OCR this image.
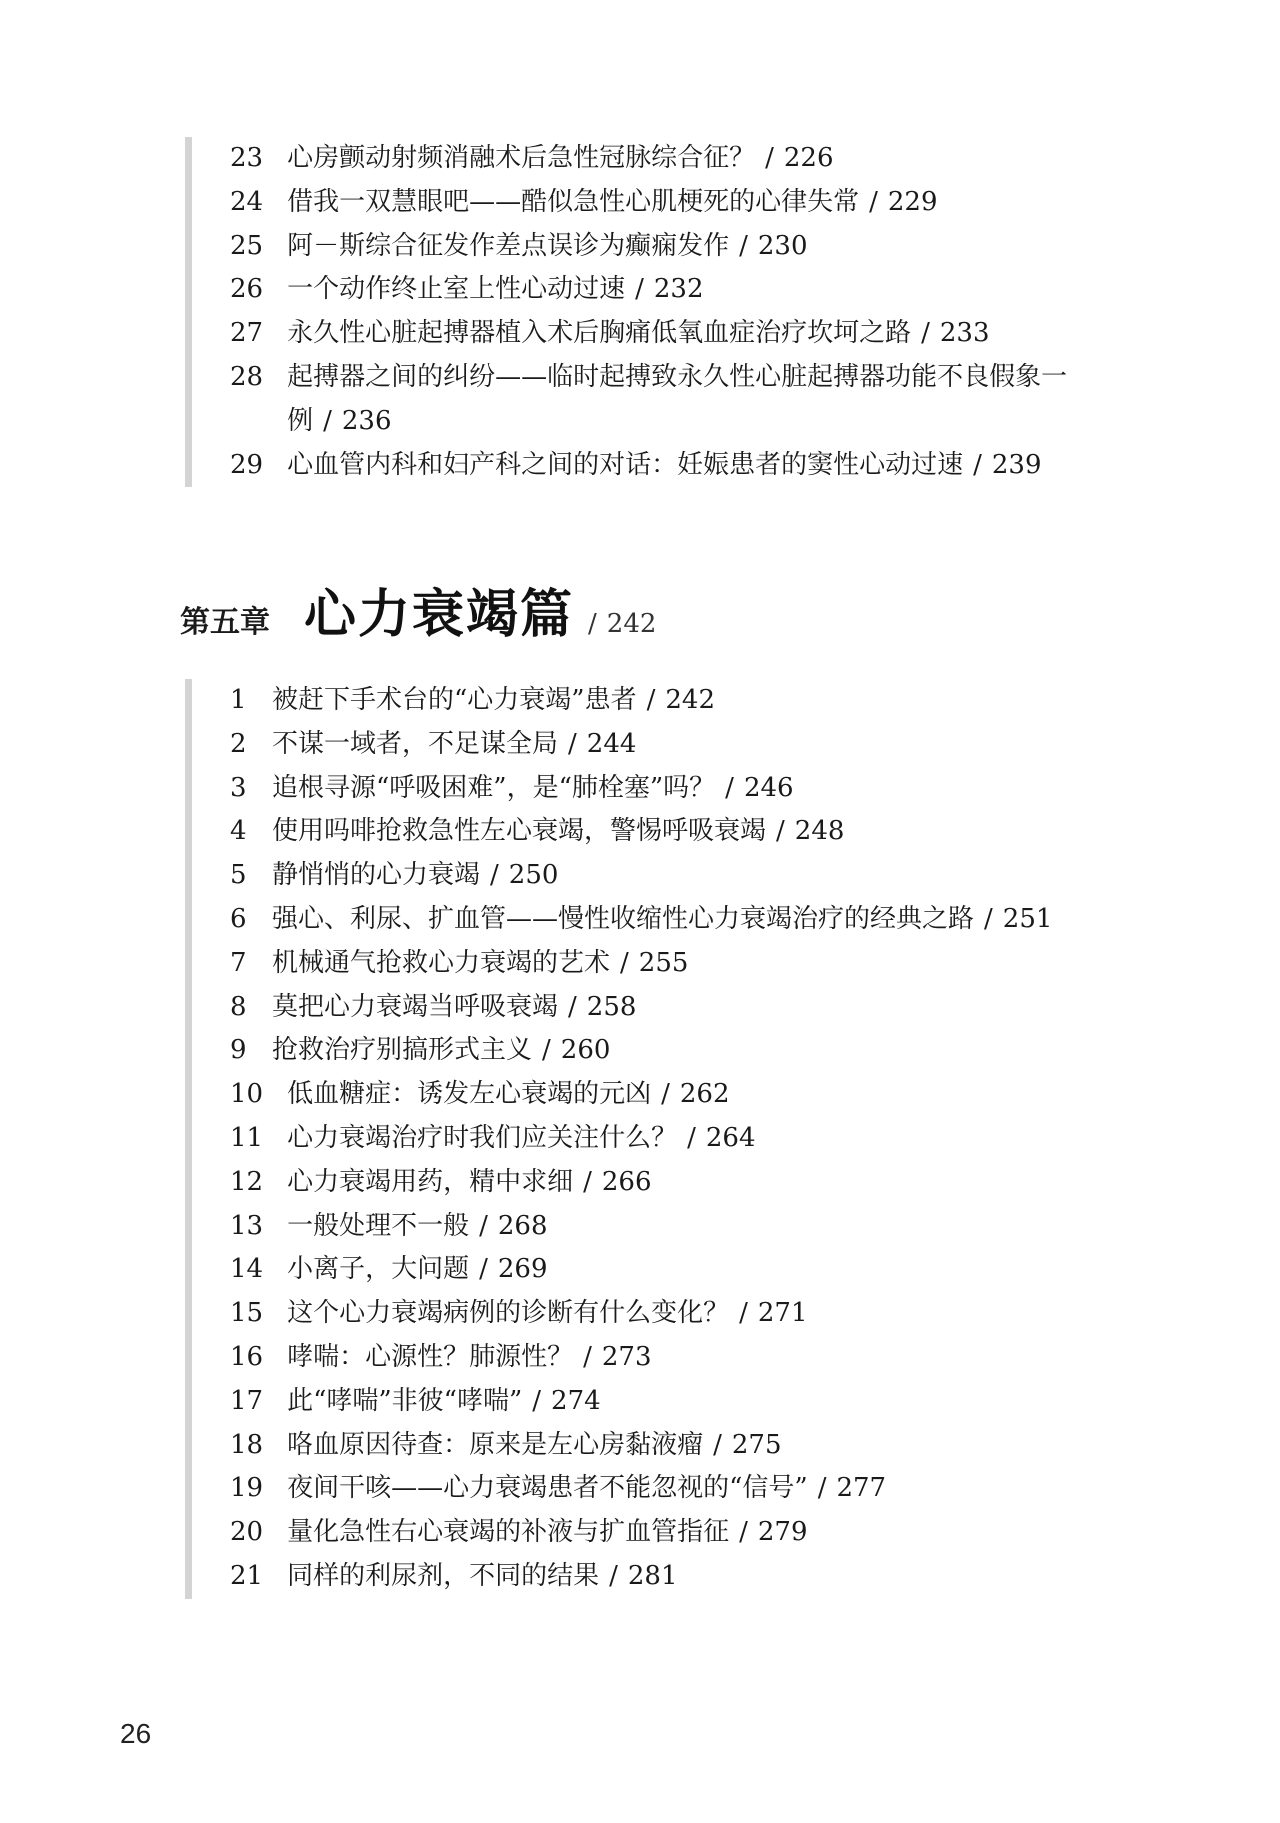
23 心房颤动射频消融术后急性冠脉综合征？ / 226
24 借我一双慧眼吧——酷似急性心肌梗死的心律失常 / 229
25 阿－斯综合征发作差点误诊为癫痫发作 / 230
26 一个动作终止室上性心动过速 / 232
27 永久性心脏起搏器植入术后胸痛低氧血症治疗坎坷之路 / 233
28 起搏器之间的纠纷——临时起搏致永久性心脏起搏器功能不良假象一例 / 236
29 心血管内科和妇产科之间的对话：妊娠患者的窦性心动过速 / 239
第五章 心力衰竭篇 / 242
1 被赶下手术台的“心力衰竭”患者 / 242
2 不谋一域者，不足谋全局 / 244
3 追根寻源“呼吸困难”，是“肺栓塞”吗？ / 246
4 使用吗啡抢救急性左心衰竭，警惕呼吸衰竭 / 248
5 静悄悄的心力衰竭 / 250
6 强心、利尿、扩血管——慢性收缩性心力衰竭治疗的经典之路 / 251
7 机械通气抢救心力衰竭的艺术 / 255
8 莫把心力衰竭当呼吸衰竭 / 258
9 抢救治疗别搞形式主义 / 260
10 低血糖症：诱发左心衰竭的元凶 / 262
11 心力衰竭治疗时我们应关注什么？ / 264
12 心力衰竭用药，精中求细 / 266
13 一般处理不一般 / 268
14 小离子，大问题 / 269
15 这个心力衰竭病例的诊断有什么变化？ / 271
16 哮喘：心源性？肺源性？ / 273
17 此“哮喘”非彼“哮喘” / 274
18 咯血原因待查：原来是左心房黏液瘤 / 275
19 夜间干咳——心力衰竭患者不能忽视的“信号” / 277
20 量化急性右心衰竭的补液与扩血管指征 / 279
21 同样的利尿剂，不同的结果 / 281
26
